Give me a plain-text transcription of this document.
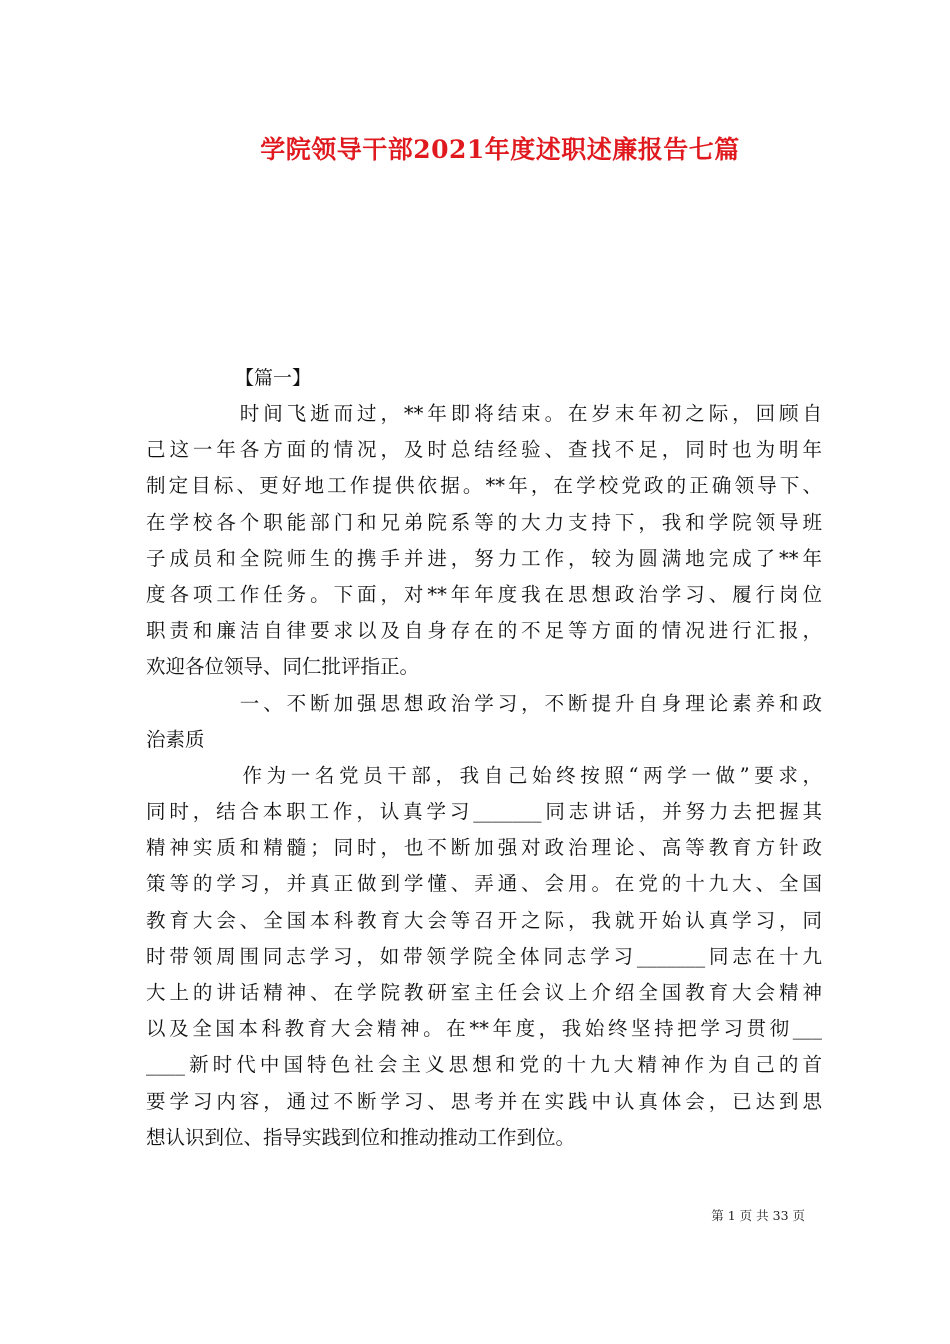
学院领导干部2021年度述职述廉报告七篇
【篇一】
　　　　时间飞逝而过，**年即将结束。在岁末年初之际，回顾自
己这一年各方面的情况，及时总结经验、查找不足，同时也为明年
制定目标、更好地工作提供依据。**年，在学校党政的正确领导下、
在学校各个职能部门和兄弟院系等的大力支持下，我和学院领导班
子成员和全院师生的携手并进，努力工作，较为圆满地完成了**年
度各项工作任务。下面，对**年年度我在思想政治学习、履行岗位
职责和廉洁自律要求以及自身存在的不足等方面的情况进行汇报，
欢迎各位领导、同仁批评指正。
　　　　一、不断加强思想政治学习，不断提升自身理论素养和政
治素质
　　　　作为一名党员干部，我自己始终按照“两学一做”要求，
同时，结合本职工作，认真学习_______同志讲话，并努力去把握其
精神实质和精髓；同时，也不断加强对政治理论、高等教育方针政
策等的学习，并真正做到学懂、弄通、会用。在党的十九大、全国
教育大会、全国本科教育大会等召开之际，我就开始认真学习，同
时带领周围同志学习，如带领学院全体同志学习_______同志在十九
大上的讲话精神、在学院教研室主任会议上介绍全国教育大会精神
以及全国本科教育大会精神。在**年度，我始终坚持把学习贯彻___
____新时代中国特色社会主义思想和党的十九大精神作为自己的首
要学习内容，通过不断学习、思考并在实践中认真体会，已达到思
想认识到位、指导实践到位和推动推动工作到位。
第 1 页 共 33 页
